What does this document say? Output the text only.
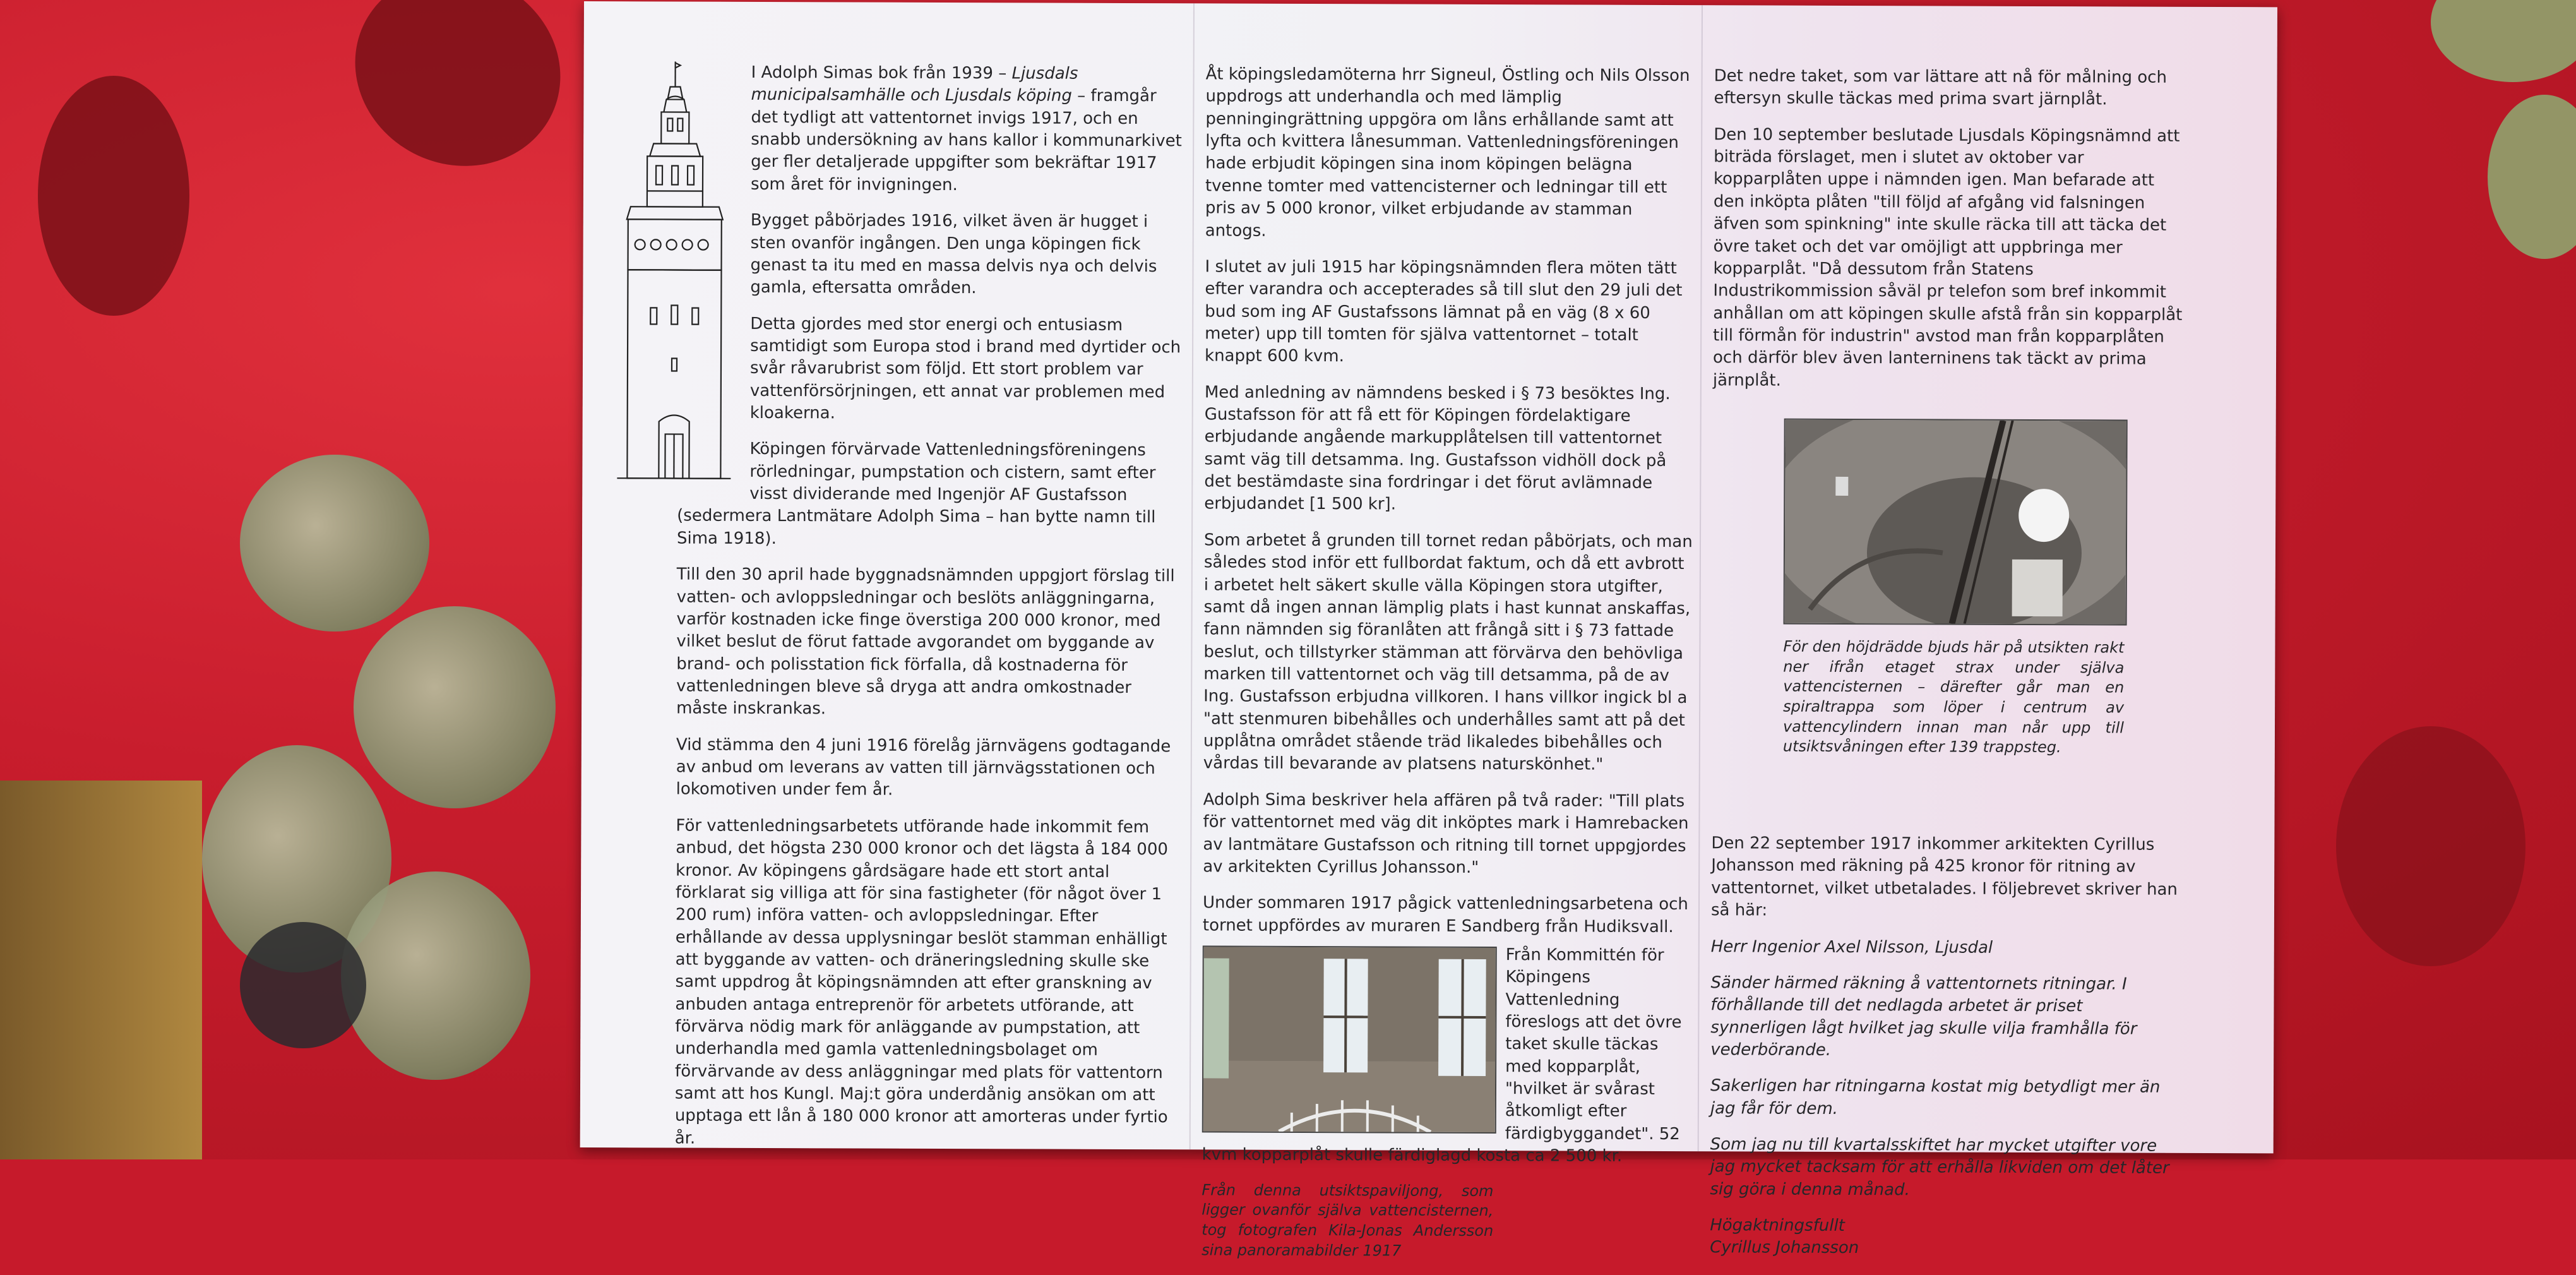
I Adolph Simas bok från 1939 – Ljusdals municipalsamhälle och Ljusdals köping – framgår det tydligt att vattentornet invigs 1917, och en snabb undersökning av hans kallor i kommunarkivet ger fler detaljerade uppgifter som bekräftar 1917 som året för invigningen.

Bygget påbörjades 1916, vilket även är hugget i sten ovanför ingången. Den unga köpingen fick genast ta itu med en massa delvis nya och delvis gamla, eftersatta områden.

Detta gjordes med stor energi och entusiasm samtidigt som Europa stod i brand med dyrtider och svår råvarubrist som följd. Ett stort problem var vattenförsörjningen, ett annat var problemen med kloakerna.

Köpingen förvärvade Vattenledningsföreningens rörledningar, pumpstation och cistern, samt efter visst dividerande med Ingenjör AF Gustafsson (sedermera Lantmätare Adolph Sima – han bytte namn till Sima 1918).

Till den 30 april hade byggnadsnämnden uppgjort förslag till vatten- och avloppsledningar och beslöts anläggningarna, varför kostnaden icke finge överstiga 200 000 kronor, med vilket beslut de förut fattade avgorandet om byggande av brand- och polisstation fick förfalla, då kostnaderna för vattenledningen bleve så dryga att andra omkostnader måste inskrankas.

Vid stämma den 4 juni 1916 förelåg järnvägens godtagande av anbud om leverans av vatten till järnvägsstationen och lokomotiven under fem år.

För vattenledningsarbetets utförande hade inkommit fem anbud, det högsta 230 000 kronor och det lägsta å 184 000 kronor. Av köpingens gårdsägare hade ett stort antal förklarat sig villiga att för sina fastigheter (för något över 1 200 rum) införa vatten- och avloppsledningar. Efter erhållande av dessa upplysningar beslöt stamman enhälligt att byggande av vatten- och dräneringsledning skulle ske samt uppdrog åt köpingsnämnden att efter granskning av anbuden antaga entreprenör för arbetets utförande, att förvärva nödig mark för anläggande av pumpstation, att underhandla med gamla vattenledningsbolaget om förvärvande av dess anläggningar med plats för vattentorn samt att hos Kungl. Maj:t göra underdånig ansökan om att upptaga ett lån å 180 000 kronor att amorteras under fyrtio år.

Åt köpingsledamöterna hrr Signeul, Östling och Nils Olsson uppdrogs att underhandla och med lämplig penningingrättning uppgöra om låns erhållande samt att lyfta och kvittera lånesumman. Vattenledningsföreningen hade erbjudit köpingen sina inom köpingen belägna tvenne tomter med vattencisterner och ledningar till ett pris av 5 000 kronor, vilket erbjudande av stamman antogs.

I slutet av juli 1915 har köpingsnämnden flera möten tätt efter varandra och accepterades så till slut den 29 juli det bud som ing AF Gustafssons lämnat på en väg (8 x 60 meter) upp till tomten för själva vattentornet – totalt knappt 600 kvm.

Med anledning av nämndens besked i § 73 besöktes Ing. Gustafsson för att få ett för Köpingen fördelaktigare erbjudande angående markupplåtelsen till vattentornet samt väg till detsamma. Ing. Gustafsson vidhöll dock på det bestämdaste sina fordringar i det förut avlämnade erbjudandet [1 500 kr].

Som arbetet å grunden till tornet redan påbörjats, och man således stod inför ett fullbordat faktum, och då ett avbrott i arbetet helt säkert skulle välla Köpingen stora utgifter, samt då ingen annan lämplig plats i hast kunnat anskaffas, fann nämnden sig föranlåten att frångå sitt i § 73 fattade beslut, och tillstyrker stämman att förvärva den behövliga marken till vattentornet och väg till detsamma, på de av Ing. Gustafsson erbjudna villkoren. I hans villkor ingick bl a "att stenmuren bibehålles och underhålles samt att på det upplåtna området stående träd likaledes bibehålles och vårdas till bevarande av platsens naturskönhet."

Adolph Sima beskriver hela affären på två rader: "Till plats för vattentornet med väg dit inköptes mark i Hamrebacken av lantmätare Gustafsson och ritning till tornet uppgjordes av arkitekten Cyrillus Johansson."

Under sommaren 1917 pågick vattenledningsarbetena och tornet uppfördes av muraren E Sandberg från Hudiksvall.

Från Kommittén för Köpingens Vattenledning föreslogs att det övre taket skulle täckas med kopparplåt, "hvilket är svårast åtkomligt efter färdigbyggandet". 52 kvm kopparplåt skulle färdiglagd kosta ca 2 500 kr.

Från denna utsiktspaviljong, som ligger ovanför själva vattencisternen, tog fotografen Kila-Jonas Andersson sina panoramabilder 1917

Det nedre taket, som var lättare att nå för målning och eftersyn skulle täckas med prima svart järnplåt.

Den 10 september beslutade Ljusdals Köpingsnämnd att biträda förslaget, men i slutet av oktober var kopparplåten uppe i nämnden igen. Man befarade att den inköpta plåten "till följd af afgång vid falsningen äfven som spinkning" inte skulle räcka till att täcka det övre taket och det var omöjligt att uppbringa mer kopparplåt. "Då dessutom från Statens Industrikommission såväl pr telefon som bref inkommit anhållan om att köpingen skulle afstå från sin kopparplåt till förmån för industrin" avstod man från kopparplåten och därför blev även lanterninens tak täckt av prima järnplåt.

För den höjdrädde bjuds här på utsikten rakt ner ifrån etaget strax under själva vattencisternen – därefter går man en spiraltrappa som löper i centrum av vattencylindern innan man når upp till utsiktsvåningen efter 139 trappsteg.

Den 22 september 1917 inkommer arkitekten Cyrillus Johansson med räkning på 425 kronor för ritning av vattentornet, vilket utbetalades. I följebrevet skriver han så här:

Herr Ingenior Axel Nilsson, Ljusdal

Sänder härmed räkning å vattentornets ritningar. I förhållande till det nedlagda arbetet är priset synnerligen lågt hvilket jag skulle vilja framhålla för vederbörande.

Sakerligen har ritningarna kostat mig betydligt mer än jag får för dem.

Som jag nu till kvartalsskiftet har mycket utgifter vore jag mycket tacksam för att erhålla likviden om det låter sig göra i denna månad.

Högaktningsfullt

Cyrillus Johansson
